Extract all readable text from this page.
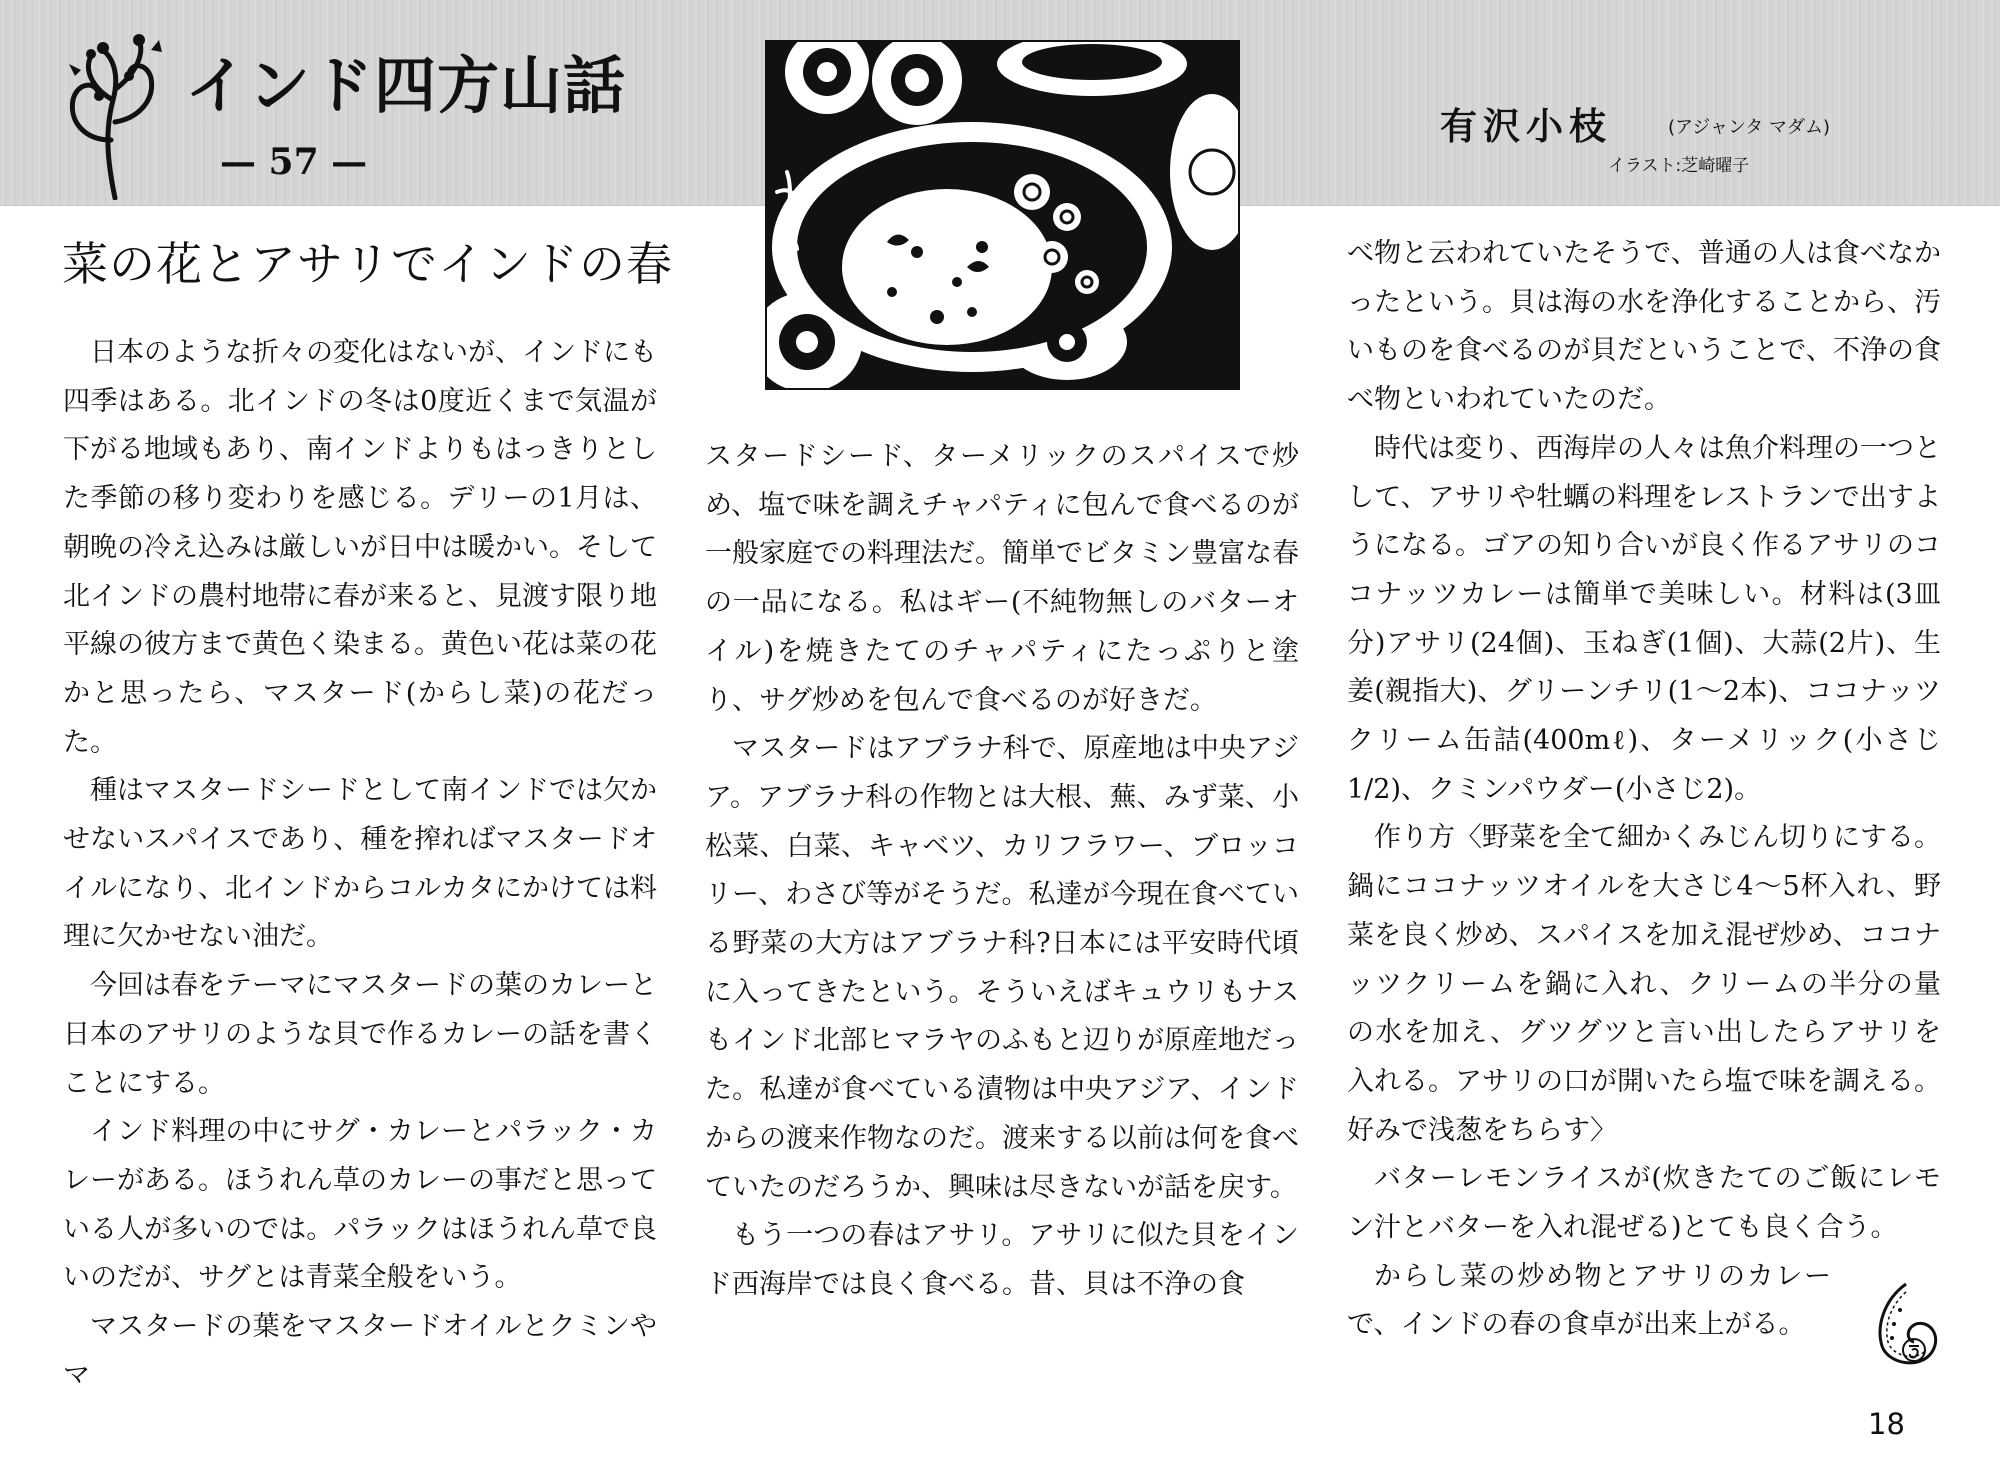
インド四方山話
— 57 —
有沢小枝	(アジャンタ マダム)
イラスト:芝崎曜子
菜の花とアサリでインドの春

日本のような折々の変化はないが、インドにも四季はある。北インドの冬は0度近くまで気温が下がる地域もあり、南インドよりもはっきりとした季節の移り変わりを感じる。デリーの1月は、朝晩の冷え込みは厳しいが日中は暖かい。そして北インドの農村地帯に春が来ると、見渡す限り地平線の彼方まで黄色く染まる。黄色い花は菜の花かと思ったら、マスタード(からし菜)の花だった。

種はマスタードシードとして南インドでは欠かせないスパイスであり、種を搾ればマスタードオイルになり、北インドからコルカタにかけては料理に欠かせない油だ。

今回は春をテーマにマスタードの葉のカレーと日本のアサリのような貝で作るカレーの話を書くことにする。

インド料理の中にサグ・カレーとパラック・カレーがある。ほうれん草のカレーの事だと思っている人が多いのでは。パラックはほうれん草で良いのだが、サグとは青菜全般をいう。

マスタードの葉をマスタードオイルとクミンやマ

スタードシード、ターメリックのスパイスで炒め、塩で味を調えチャパティに包んで食べるのが一般家庭での料理法だ。簡単でビタミン豊富な春の一品になる。私はギー(不純物無しのバターオイル)を焼きたてのチャパティにたっぷりと塗り、サグ炒めを包んで食べるのが好きだ。

マスタードはアブラナ科で、原産地は中央アジア。アブラナ科の作物とは大根、蕪、みず菜、小松菜、白菜、キャベツ、カリフラワー、ブロッコリー、わさび等がそうだ。私達が今現在食べている野菜の大方はアブラナ科?日本には平安時代頃に入ってきたという。そういえばキュウリもナスもインド北部ヒマラヤのふもと辺りが原産地だった。私達が食べている漬物は中央アジア、インドからの渡来作物なのだ。渡来する以前は何を食べていたのだろうか、興味は尽きないが話を戻す。

もう一つの春はアサリ。アサリに似た貝をインド西海岸では良く食べる。昔、貝は不浄の食

べ物と云われていたそうで、普通の人は食べなかったという。貝は海の水を浄化することから、汚いものを食べるのが貝だということで、不浄の食べ物といわれていたのだ。

時代は変り、西海岸の人々は魚介料理の一つとして、アサリや牡蠣の料理をレストランで出すようになる。ゴアの知り合いが良く作るアサリのココナッツカレーは簡単で美味しい。材料は(3皿分)アサリ(24個)、玉ねぎ(1個)、大蒜(2片)、生姜(親指大)、グリーンチリ(1〜2本)、ココナッツクリーム缶詰(400mℓ)、ターメリック(小さじ1/2)、クミンパウダー(小さじ2)。

作り方〈野菜を全て細かくみじん切りにする。鍋にココナッツオイルを大さじ4〜5杯入れ、野菜を良く炒め、スパイスを加え混ぜ炒め、ココナッツクリームを鍋に入れ、クリームの半分の量の水を加え、グツグツと言い出したらアサリを入れる。アサリの口が開いたら塩で味を調える。好みで浅葱をちらす〉

バターレモンライスが(炊きたてのご飯にレモン汁とバターを入れ混ぜる)とても良く合う。

からし菜の炒め物とアサリのカレーで、インドの春の食卓が出来上がる。

18
